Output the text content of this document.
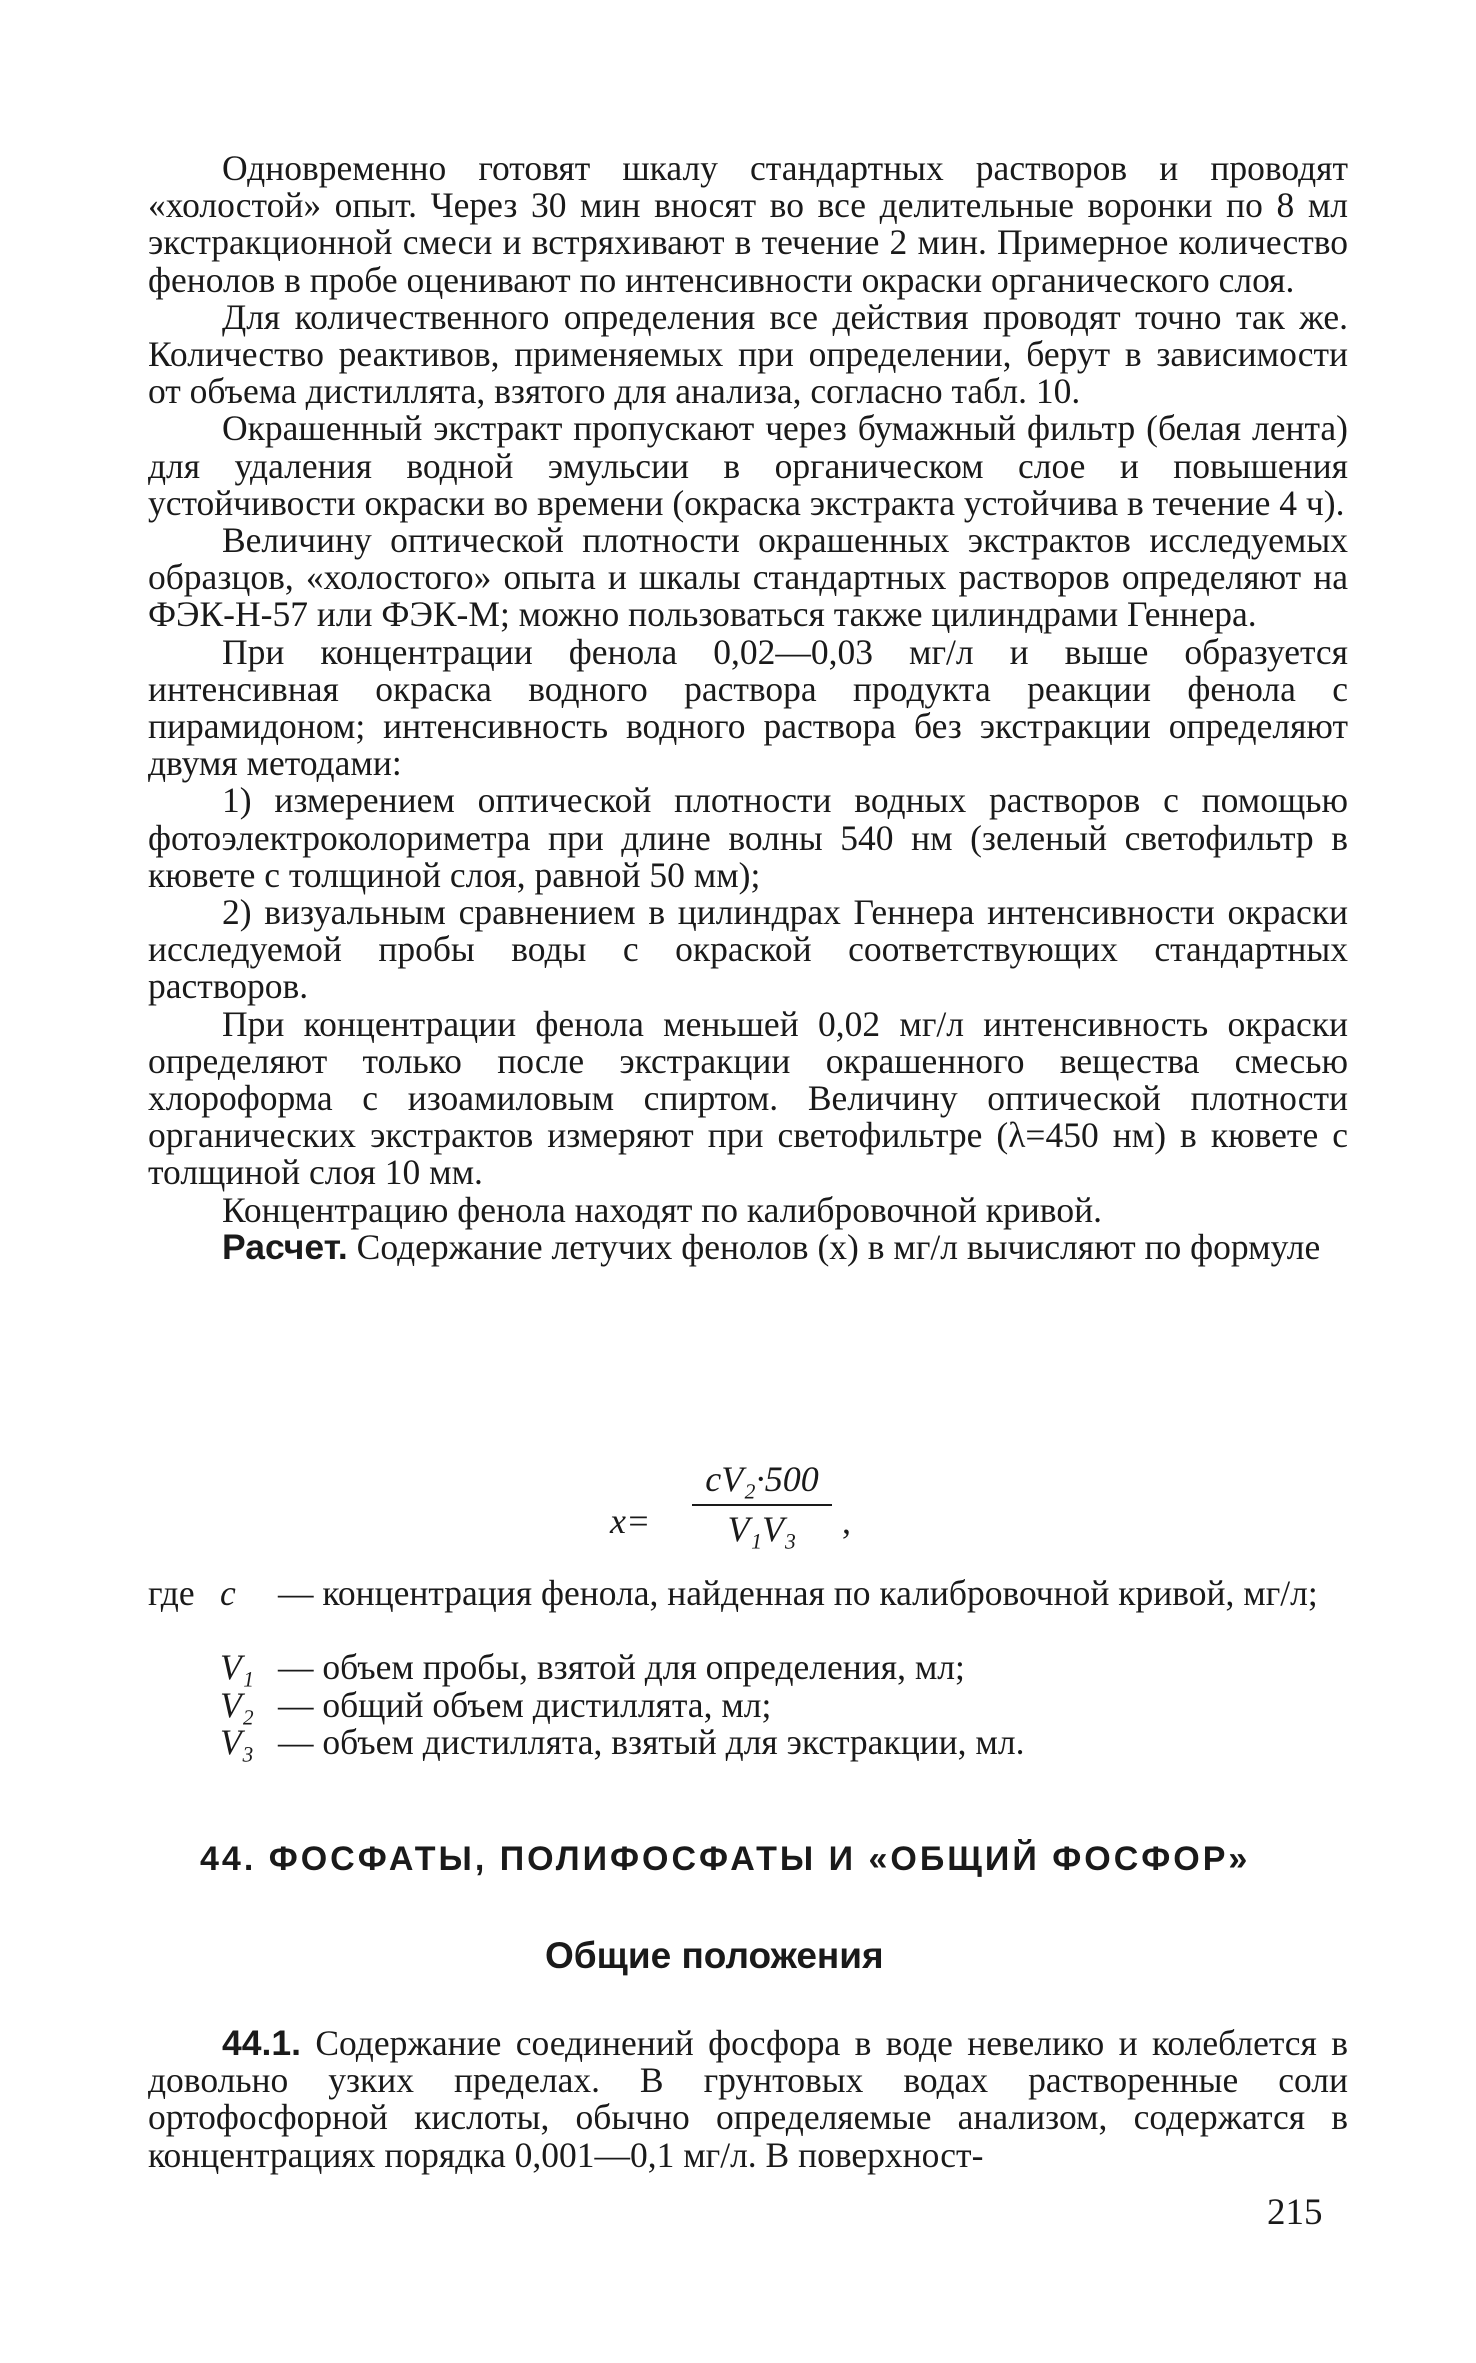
Одновременно готовят шкалу стандартных растворов и проводят «холостой» опыт. Через 30 мин вносят во все делительные воронки по 8 мл экстракционной смеси и встряхивают в течение 2 мин. Примерное количество фенолов в пробе оценивают по интенсивности окраски органического слоя.

Для количественного определения все действия проводят точно так же. Количество реактивов, применяемых при определении, берут в зависимости от объема дистиллята, взятого для анализа, согласно табл. 10.

Окрашенный экстракт пропускают через бумажный фильтр (белая лента) для удаления водной эмульсии в органическом слое и повышения устойчивости окраски во времени (окраска экстракта устойчива в течение 4 ч).

Величину оптической плотности окрашенных экстрактов исследуемых образцов, «холостого» опыта и шкалы стандартных растворов определяют на ФЭК-Н-57 или ФЭК-М; можно пользоваться также цилиндрами Геннера.

При концентрации фенола 0,02—0,03 мг/л и выше образуется интенсивная окраска водного раствора продукта реакции фенола с пирамидоном; интенсивность водного раствора без экстракции определяют двумя методами:

1) измерением оптической плотности водных растворов с помощью фотоэлектроколориметра при длине волны 540 нм (зеленый светофильтр в кювете с толщиной слоя, равной 50 мм);

2) визуальным сравнением в цилиндрах Геннера интенсивности окраски исследуемой пробы воды с окраской соответствующих стандартных растворов.

При концентрации фенола меньшей 0,02 мг/л интенсивность окраски определяют только после экстракции окрашенного вещества смесью хлороформа с изоамиловым спиртом. Величину оптической плотности органических экстрактов измеряют при светофильтре (λ=450 нм) в кювете с толщиной слоя 10 мм.

Концентрацию фенола находят по калибровочной кривой.

Расчет. Содержание летучих фенолов (x) в мг/л вычисляют по формуле

x=
cV₂·500
V₁V₃	,
где c — концентрация фенола, найденная по калибровочной кривой, мг/л;
V₁ — объем пробы, взятой для определения, мл;
V₂ — общий объем дистиллята, мл;
V₃ — объем дистиллята, взятый для экстракции, мл.
44. ФОСФАТЫ, ПОЛИФОСФАТЫ И «ОБЩИЙ ФОСФОР»
Общие положения

44.1. Содержание соединений фосфора в воде невелико и колеблется в довольно узких пределах. В грунтовых водах растворенные соли ортофосфорной кислоты, обычно определяемые анализом, содержатся в концентрациях порядка 0,001—0,1 мг/л. В поверхност-

215
